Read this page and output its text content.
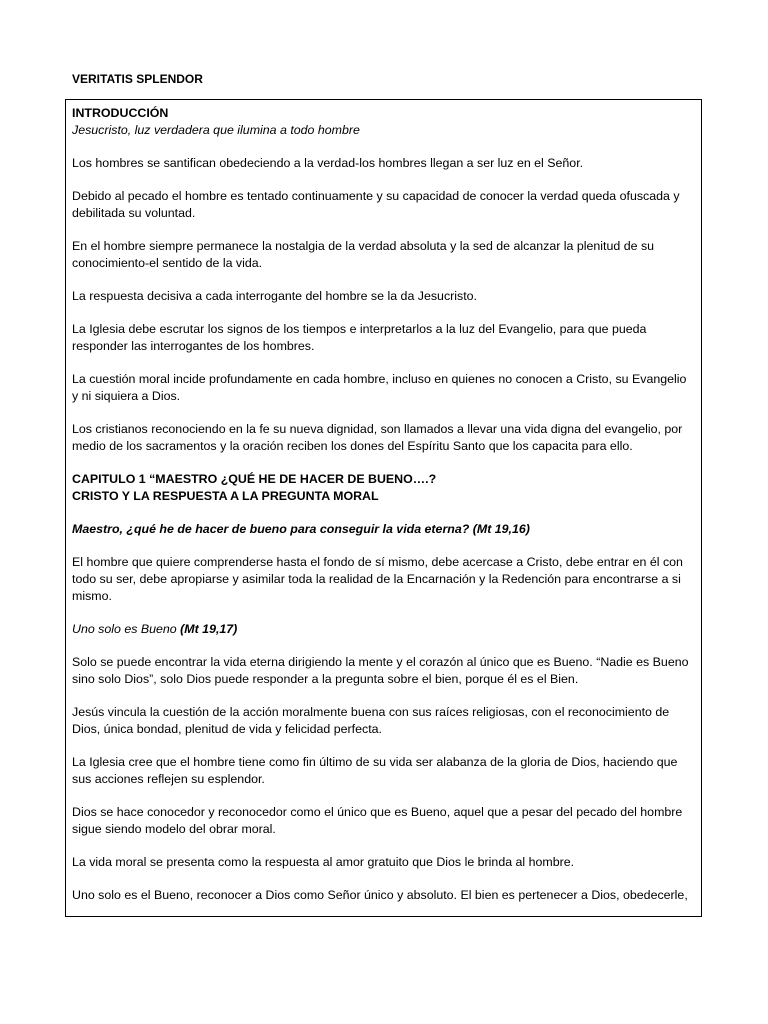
VERITATIS SPLENDOR

INTRODUCCIÓN

Jesucristo, luz verdadera que ilumina a todo hombre

Los hombres se santifican obedeciendo a la verdad-los hombres llegan a ser luz en el Señor.

Debido al pecado el hombre es tentado continuamente y su capacidad de conocer la verdad queda ofuscada y debilitada su voluntad.

En el hombre siempre permanece la nostalgia de la verdad absoluta y la sed de alcanzar la plenitud de su conocimiento-el sentido de la vida.

La respuesta decisiva a cada interrogante del hombre se la da Jesucristo.

La Iglesia debe escrutar los signos de los tiempos e interpretarlos a la luz del Evangelio, para que pueda responder las interrogantes de los hombres.

La cuestión moral incide profundamente en cada hombre, incluso en quienes no conocen a Cristo, su Evangelio y ni siquiera a Dios.

Los cristianos reconociendo en la fe su nueva dignidad, son llamados a llevar una vida digna del evangelio, por medio de los sacramentos y la oración reciben los dones del Espíritu Santo que los capacita para ello.

CAPITULO 1 “MAESTRO ¿QUÉ HE DE HACER DE BUENO….?

CRISTO Y LA RESPUESTA A LA PREGUNTA MORAL

Maestro, ¿qué he de hacer de bueno para conseguir la vida eterna? (Mt 19,16)

El hombre que quiere comprenderse hasta el fondo de sí mismo, debe acercase a Cristo, debe entrar en él con todo su ser, debe apropiarse y asimilar toda la realidad de la Encarnación y la Redención para encontrarse a si mismo.

Uno solo es Bueno (Mt 19,17)

Solo se puede encontrar la vida eterna dirigiendo la mente y el corazón al único que es Bueno. “Nadie es Bueno sino solo Dios”, solo Dios puede responder a la pregunta sobre el bien, porque él es el Bien.

Jesús vincula la cuestión de la acción moralmente buena con sus raíces religiosas, con el reconocimiento de Dios, única bondad, plenitud de vida y felicidad perfecta.

La Iglesia cree que el hombre tiene como fin último de su vida ser alabanza de la gloria de Dios, haciendo que sus acciones reflejen su esplendor.

Dios se hace conocedor y reconocedor como el único que es Bueno, aquel que a pesar del pecado del hombre sigue siendo modelo del obrar moral.

La vida moral se presenta como la respuesta al amor gratuito que Dios le brinda al hombre.

Uno solo es el Bueno, reconocer a Dios como Señor único y absoluto. El bien es pertenecer a Dios, obedecerle,
